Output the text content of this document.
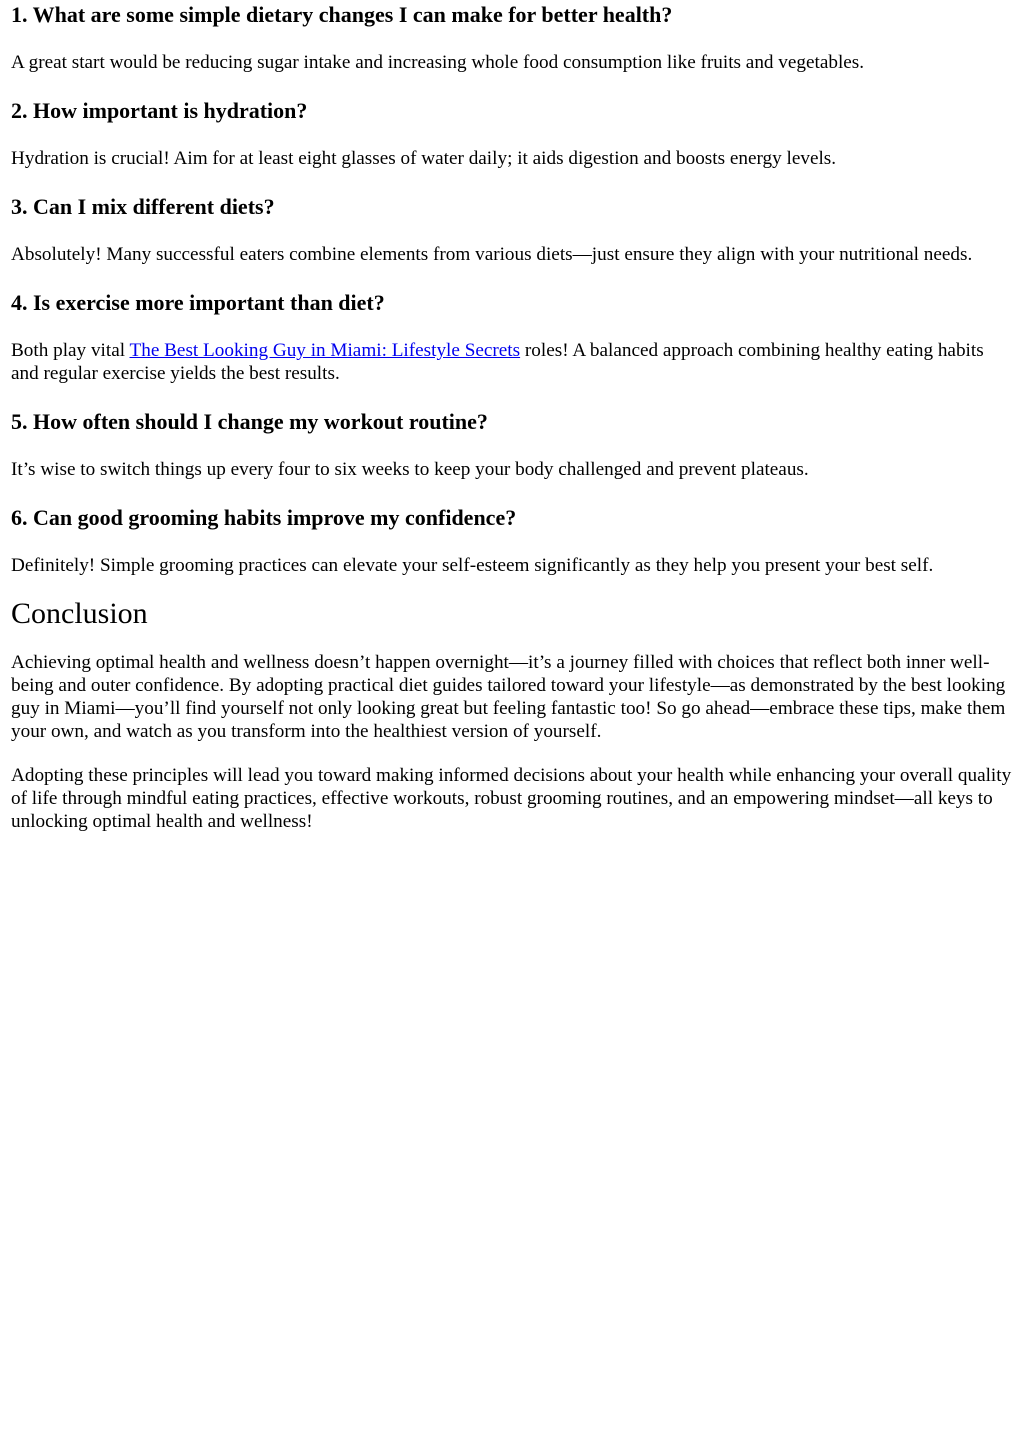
1. What are some simple dietary changes I can make for better health?

A great start would be reducing sugar intake and increasing whole food consumption like fruits and vegetables.

2. How important is hydration?

Hydration is crucial! Aim for at least eight glasses of water daily; it aids digestion and boosts energy levels.

3. Can I mix different diets?

Absolutely! Many successful eaters combine elements from various diets—just ensure they align with your nutritional needs.

4. Is exercise more important than diet?

Both play vital The Best Looking Guy in Miami: Lifestyle Secrets roles! A balanced approach combining healthy eating habits and regular exercise yields the best results.

5. How often should I change my workout routine?

It’s wise to switch things up every four to six weeks to keep your body challenged and prevent plateaus.

6. Can good grooming habits improve my confidence?

Definitely! Simple grooming practices can elevate your self-esteem significantly as they help you present your best self.

Conclusion

Achieving optimal health and wellness doesn’t happen overnight—it’s a journey filled with choices that reflect both inner well-being and outer confidence. By adopting practical diet guides tailored toward your lifestyle—as demonstrated by the best looking guy in Miami—you’ll find yourself not only looking great but feeling fantastic too! So go ahead—embrace these tips, make them your own, and watch as you transform into the healthiest version of yourself.

Adopting these principles will lead you toward making informed decisions about your health while enhancing your overall quality of life through mindful eating practices, effective workouts, robust grooming routines, and an empowering mindset—all keys to unlocking optimal health and wellness!
